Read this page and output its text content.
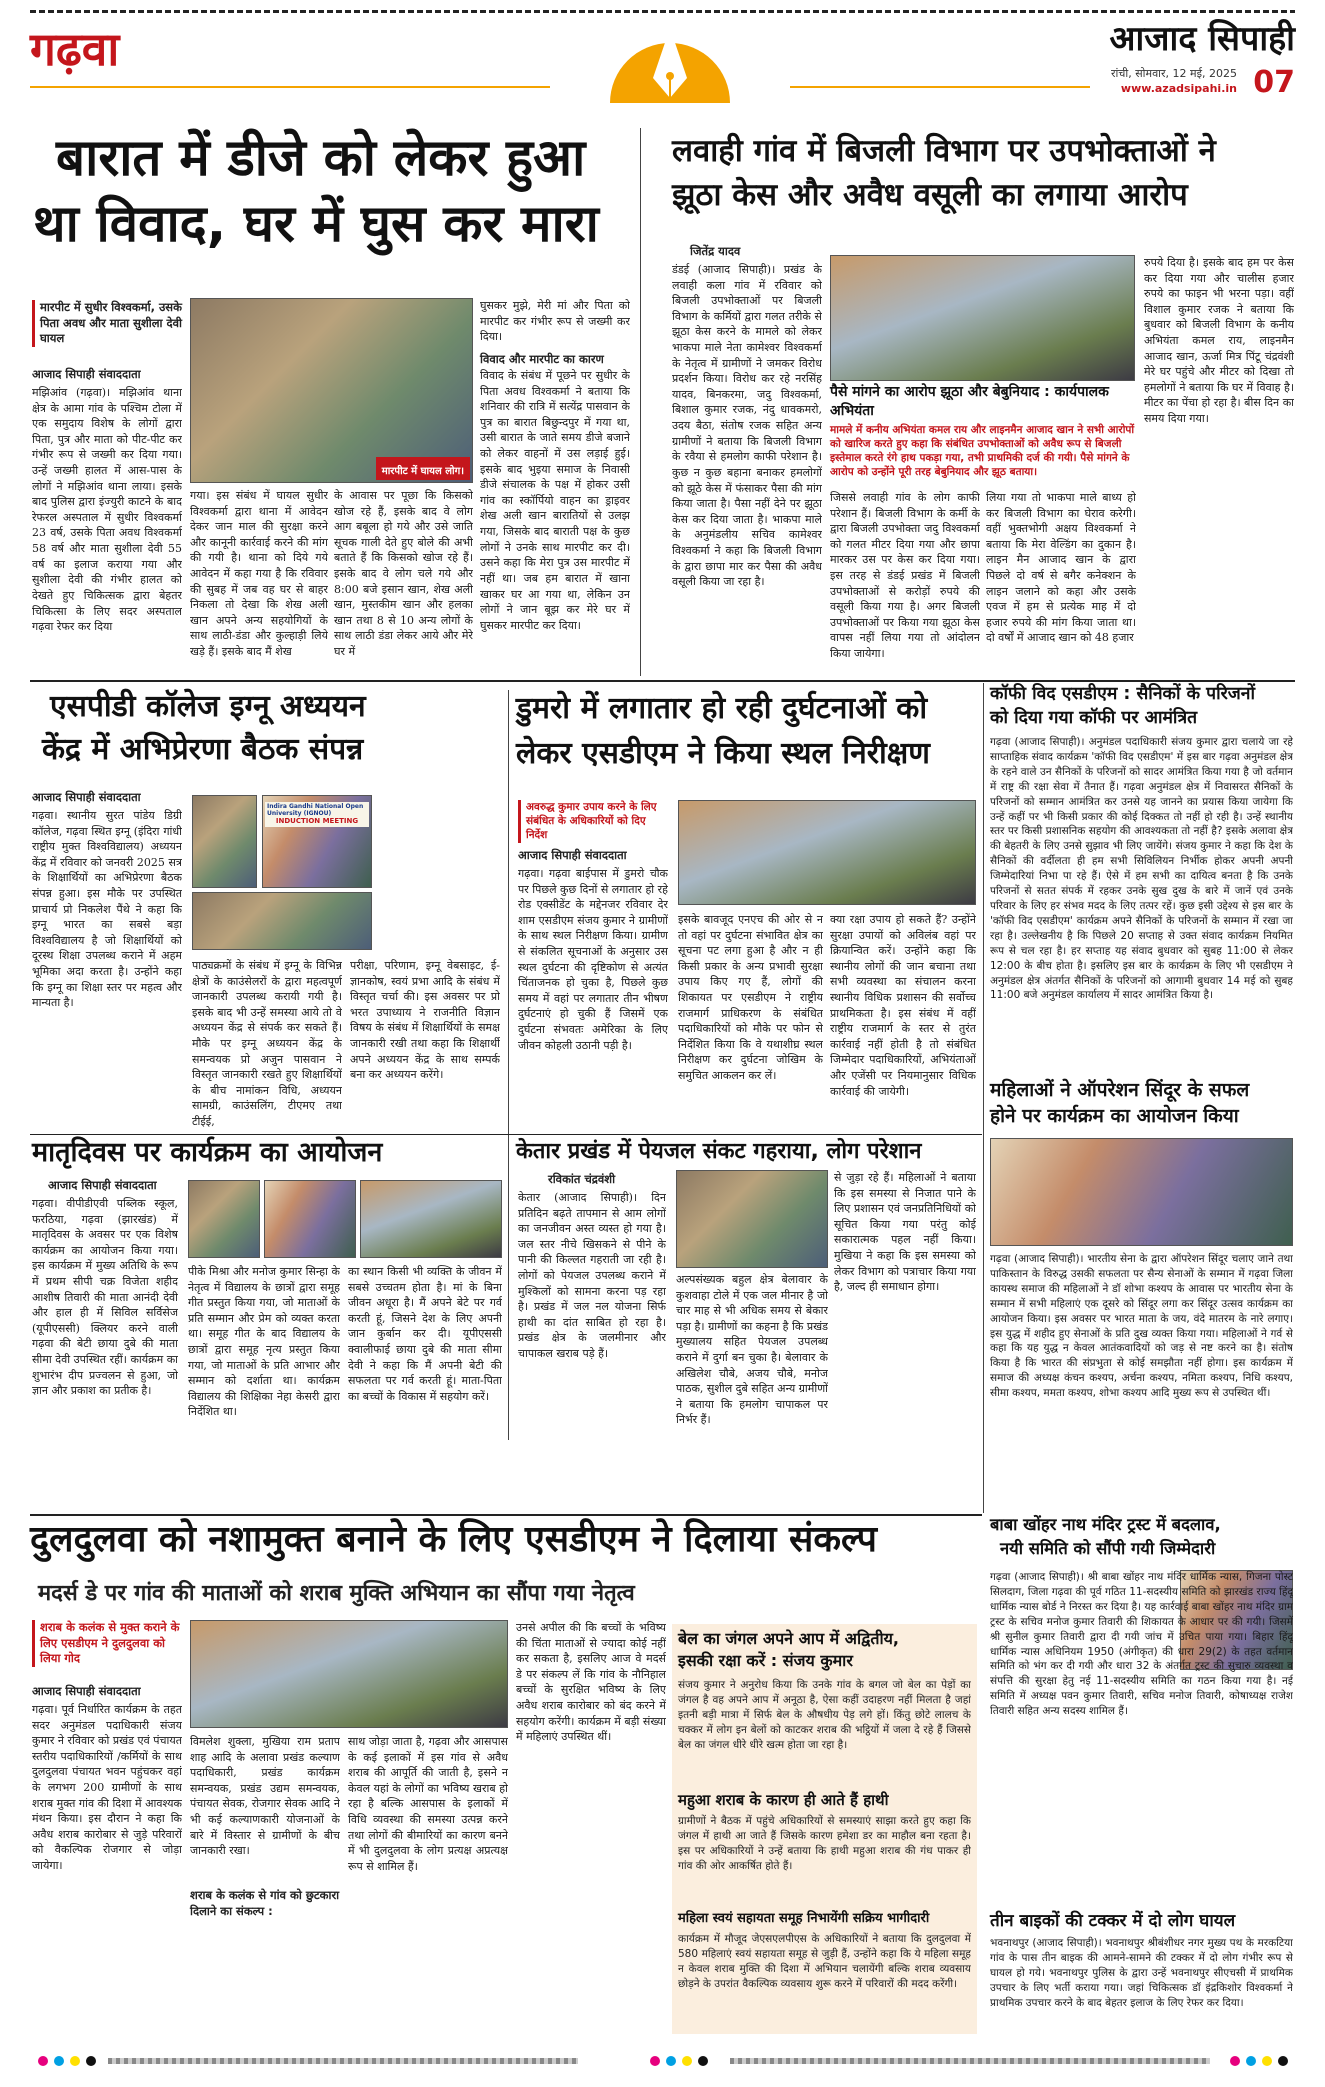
गढ़वा	आजाद सिपाही
रांची, सोमवार, 12 मई, 2025
www.azadsipahi.in 07
बारात में डीजे को लेकर हुआ
था विवाद, घर में घुस कर मारा
मारपीट में सुधीर विश्वकर्मा, उसके पिता अवध और माता सुशीला देवी घायल
आजाद सिपाही संवाददाता
मझिआंव (गढ़वा)। मझिआंव थाना क्षेत्र के आमा गांव के पश्चिम टोला में एक समुदाय विशेष के लोगों द्वारा पिता, पुत्र और माता को पीट-पीट कर गंभीर रूप से जख्मी कर दिया गया। उन्हें जख्मी हालत में आस-पास के लोगों ने मझिआंव थाना लाया। इसके बाद पुलिस द्वारा इंज्युरी काटने के बाद रेफरल अस्पताल में सुधीर विश्वकर्मा 23 वर्ष, उसके पिता अवध विश्वकर्मा 58 वर्ष और माता सुशीला देवी 55 वर्ष का इलाज कराया गया और सुशीला देवी की गंभीर हालत को देखते हुए चिकित्सक द्वारा बेहतर चिकित्सा के लिए सदर अस्पताल गढ़वा रेफर कर दिया
मारपीट में घायल लोग।
गया। इस संबंध में घायल सुधीर विश्वकर्मा द्वारा थाना में आवेदन देकर जान माल की सुरक्षा करने और कानूनी कार्रवाई करने की मांग की गयी है। थाना को दिये गये आवेदन में कहा गया है कि रविवार की सुबह में जब वह घर से बाहर निकला तो देखा कि शेख अली खान अपने अन्य सहयोगियों के साथ लाठी-डंडा और कुल्हाड़ी लिये खड़े हैं। इसके बाद मैं शेख
के आवास पर पूछा कि किसको खोज रहे हैं, इसके बाद वे लोग आग बबूला हो गये और उसे जाति सूचक गाली देते हुए बोले की अभी बताते हैं कि किसको खोज रहे हैं। इसके बाद वे लोग चले गये और 8:00 बजे इसान खान, शेख अली खान, मुस्तकीम खान और हलका खान तथा 8 से 10 अन्य लोगों के साथ लाठी डंडा लेकर आये और मेरे घर में
घुसकर मुझे, मेरी मां और पिता को मारपीट कर गंभीर रूप से जख्मी कर दिया।
विवाद और मारपीट का कारण
विवाद के संबंध में पूछने पर सुधीर के पिता अवध विश्वकर्मा ने बताया कि शनिवार की रात्रि में सत्येंद्र पासवान के पुत्र का बारात बिछुन्दपुर में गया था, उसी बारात के जाते समय डीजे बजाने को लेकर वाहनों में उस लड़ाई हुई। इसके बाद भुइया समाज के निवासी डीजे संचालक के पक्ष में होकर उसी गांव का स्कॉर्पियो वाहन का ड्राइवर शेख अली खान बारातियों से उलझ गया, जिसके बाद बाराती पक्ष के कुछ लोगों ने उनके साथ मारपीट कर दी। उसने कहा कि मेरा पुत्र उस मारपीट में नहीं था। जब हम बारात में खाना खाकर घर आ गया था, लेकिन उन लोगों ने जान बूझ कर मेरे घर में घुसकर मारपीट कर दिया।
लवाही गांव में बिजली विभाग पर उपभोक्ताओं ने
झूठा केस और अवैध वसूली का लगाया आरोप
जितेंद्र यादव
डंडई (आजाद सिपाही)। प्रखंड के लवाही कला गांव में रविवार को बिजली उपभोक्ताओं पर बिजली विभाग के कर्मियों द्वारा गलत तरीके से झूठा केस करने के मामले को लेकर भाकपा माले नेता कामेश्वर विश्वकर्मा के नेतृत्व में ग्रामीणों ने जमकर विरोध प्रदर्शन किया। विरोध कर रहे नरसिंह यादव, बिनकरमा, जदु विश्वकर्मा, बिशाल कुमार रजक, नंदु धावकमरो, उदय बैठा, संतोष रजक सहित अन्य ग्रामीणों ने बताया कि बिजली विभाग के रवैया से हमलोग काफी परेशान है। कुछ न कुछ बहाना बनाकर हमलोगों को झूठे केस में फंसाकर पैसा की मांग किया जाता है। पैसा नहीं देने पर झूठा केस कर दिया जाता है। भाकपा माले के अनुमंडलीय सचिव कामेश्वर विश्वकर्मा ने कहा कि बिजली विभाग के द्वारा छापा मार कर पैसा की अवैध वसूली किया जा रहा है।
पैसे मांगने का आरोप झूठा और बेबुनियाद : कार्यपालक अभियंता
मामले में कनीय अभियंता कमल राय और लाइनमैन आजाद खान ने सभी आरोपों को खारिज करते हुए कहा कि संबंधित उपभोक्ताओं को अवैध रूप से बिजली इस्तेमाल करते रंगे हाथ पकड़ा गया, तभी प्राथमिकी दर्ज की गयी। पैसे मांगने के आरोप को उन्होंने पूरी तरह बेबुनियाद और झूठ बताया।
जिससे लवाही गांव के लोग काफी परेशान हैं। बिजली विभाग के कर्मी के द्वारा बिजली उपभोक्ता जदु विश्वकर्मा को गलत मीटर दिया गया और छापा मारकर उस पर केस कर दिया गया। इस तरह से डंडई प्रखंड में बिजली उपभोक्ताओं से करोड़ों रुपये की वसूली किया गया है। अगर बिजली उपभोक्ताओं पर किया गया झूठा केस वापस नहीं लिया गया तो आंदोलन किया जायेगा।
लिया गया तो भाकपा माले बाध्य हो कर बिजली विभाग का घेराव करेगी। वहीं भुक्तभोगी अक्षय विश्वकर्मा ने बताया कि मेरा वेल्डिंग का दुकान है। लाइन मैन आजाद खान के द्वारा पिछले दो वर्ष से बगैर कनेक्शन के लाइन जलाने को कहा और उसके एवज में हम से प्रत्येक माह में दो हजार रुपये की मांग किया जाता था। दो वर्षों में आजाद खान को 48 हजार
रुपये दिया है। इसके बाद हम पर केस कर दिया गया और चालीस हजार रुपये का फाइन भी भरना पड़ा। वहीं विशाल कुमार रजक ने बताया कि बुधवार को बिजली विभाग के कनीय अभियंता कमल राय, लाइनमैन आजाद खान, ऊर्जा मित्र पिंटू चंद्रवंशी मेरे घर पहुंचे और मीटर को दिखा तो हमलोगों ने बताया कि घर में विवाह है। मीटर का पेंचा हो रहा है। बीस दिन का समय दिया गया।
एसपीडी कॉलेज इग्नू अध्ययन
केंद्र में अभिप्रेरणा बैठक संपन्न
आजाद सिपाही संवाददाता
गढ़वा। स्थानीय सुरत पांडेय डिग्री कॉलेज, गढ़वा स्थित इग्नू (इंदिरा गांधी राष्ट्रीय मुक्त विश्वविद्यालय) अध्ययन केंद्र में रविवार को जनवरी 2025 सत्र के शिक्षार्थियों का अभिप्रेरणा बैठक संपन्न हुआ। इस मौके पर उपस्थित प्राचार्य प्रो निकलेश पैंथे ने कहा कि इग्नू भारत का सबसे बड़ा विश्वविद्यालय है जो शिक्षार्थियों को दूरस्थ शिक्षा उपलब्ध कराने में अहम भूमिका अदा करता है। उन्होंने कहा कि इग्नू का शिक्षा स्तर पर महत्व और मान्यता है।
Indira Gandhi National Open University (IGNOU)
INDUCTION MEETING
पाठ्यक्रमों के संबंध में इग्नू के विभिन्न क्षेत्रों के काउंसेलरों के द्वारा महत्वपूर्ण जानकारी उपलब्ध करायी गयी है। इसके बाद भी उन्हें समस्या आये तो वे अध्ययन केंद्र से संपर्क कर सकते हैं। मौके पर इग्नू अध्ययन केंद्र के समन्वयक प्रो अजुन पासवान ने विस्तृत जानकारी रखते हुए शिक्षार्थियों के बीच नामांकन विधि, अध्ययन सामग्री, काउंसलिंग, टीएमए तथा टीईई,
परीक्षा, परिणाम, इग्नू वेबसाइट, ई-ज्ञानकोष, स्वयं प्रभा आदि के संबंध में विस्तृत चर्चा की। इस अवसर पर प्रो भरत उपाध्याय ने राजनीति विज्ञान विषय के संबंध में शिक्षार्थियों के समक्ष जानकारी रखी तथा कहा कि शिक्षार्थी अपने अध्ययन केंद्र के साथ सम्पर्क बना कर अध्ययन करेंगे।
डुमरो में लगातार हो रही दुर्घटनाओं को
लेकर एसडीएम ने किया स्थल निरीक्षण
अवरुद्ध कुमार उपाय करने के लिए संबंधित के अधिकारियों को दिए निर्देश
आजाद सिपाही संवाददाता
गढ़वा। गढ़वा बाईपास में डुमरो चौक पर पिछले कुछ दिनों से लगातार हो रहे रोड एक्सीडेंट के मद्देनजर रविवार देर शाम एसडीएम संजय कुमार ने ग्रामीणों के साथ स्थल निरीक्षण किया। ग्रामीण से संकलित सूचनाओं के अनुसार उस स्थल दुर्घटना की दृष्टिकोण से अत्यंत चिंताजनक हो चुका है, पिछले कुछ समय में वहां पर लगातार तीन भीषण दुर्घटनाएं हो चुकी हैं जिसमें एक दुर्घटना संभवतः अमेरिका के लिए जीवन कोहली उठानी पड़ी है।
इसके बावजूद एनएच की ओर से न तो वहां पर दुर्घटना संभावित क्षेत्र का सूचना पट लगा हुआ है और न ही किसी प्रकार के अन्य प्रभावी सुरक्षा उपाय किए गए हैं, लोगों की शिकायत पर एसडीएम ने राष्ट्रीय राजमार्ग प्राधिकरण के संबंधित पदाधिकारियों को मौके पर फोन से निर्देशित किया कि वे यथाशीघ्र स्थल निरीक्षण कर दुर्घटना जोखिम के समुचित आकलन कर लें।
क्या रक्षा उपाय हो सकते हैं? उन्होंने सुरक्षा उपायों को अविलंब वहां पर क्रियान्वित करें। उन्होंने कहा कि स्थानीय लोगों की जान बचाना तथा सभी व्यवस्था का संचालन करना स्थानीय विधिक प्रशासन की सर्वोच्च प्राथमिकता है। इस संबंध में वहीं राष्ट्रीय राजमार्ग के स्तर से तुरंत कार्रवाई नहीं होती है तो संबंधित जिम्मेदार पदाधिकारियों, अभियंताओं और एजेंसी पर नियमानुसार विधिक कार्रवाई की जायेगी।
कॉफी विद एसडीएम : सैनिकों के परिजनों
को दिया गया कॉफी पर आमंत्रित
गढ़वा (आजाद सिपाही)। अनुमंडल पदाधिकारी संजय कुमार द्वारा चलाये जा रहे साप्ताहिक संवाद कार्यक्रम 'कॉफी विद एसडीएम' में इस बार गढ़वा अनुमंडल क्षेत्र के रहने वाले उन सैनिकों के परिजनों को सादर आमंत्रित किया गया है जो वर्तमान में राष्ट्र की रक्षा सेवा में तैनात हैं। गढ़वा अनुमंडल क्षेत्र में निवासरत सैनिकों के परिजनों को सम्मान आमंत्रित कर उनसे यह जानने का प्रयास किया जायेगा कि उन्हें कहीं पर भी किसी प्रकार की कोई दिक्कत तो नहीं हो रही है। उन्हें स्थानीय स्तर पर किसी प्रशासनिक सहयोग की आवश्यकता तो नहीं है? इसके अलावा क्षेत्र की बेहतरी के लिए उनसे सुझाव भी लिए जायेंगे। संजय कुमार ने कहा कि देश के सैनिकों की वर्दीलता ही हम सभी सिविलियन निर्भीक होकर अपनी अपनी जिम्मेदारियां निभा पा रहे हैं। ऐसे में हम सभी का दायित्व बनता है कि उनके परिजनों से सतत संपर्क में रहकर उनके सुख दुख के बारे में जानें एवं उनके परिवार के लिए हर संभव मदद के लिए तत्पर रहें। कुछ इसी उद्देश्य से इस बार के 'कॉफी विद एसडीएम' कार्यक्रम अपने सैनिकों के परिजनों के सम्मान में रखा जा रहा है। उल्लेखनीय है कि पिछले 20 सप्ताह से उक्त संवाद कार्यक्रम नियमित रूप से चल रहा है। हर सप्ताह यह संवाद बुधवार को सुबह 11:00 से लेकर 12:00 के बीच होता है। इसलिए इस बार के कार्यक्रम के लिए भी एसडीएम ने अनुमंडल क्षेत्र अंतर्गत सैनिकों के परिजनों को आगामी बुधवार 14 मई को सुबह 11:00 बजे अनुमंडल कार्यालय में सादर आमंत्रित किया है।
महिलाओं ने ऑपरेशन सिंदूर के सफल
होने पर कार्यक्रम का आयोजन किया
गढ़वा (आजाद सिपाही)। भारतीय सेना के द्वारा ऑपरेशन सिंदूर चलाए जाने तथा पाकिस्तान के विरुद्ध उसकी सफलता पर सैन्य सेनाओं के सम्मान में गढ़वा जिला कायस्थ समाज की महिलाओं ने डॉ शोभा कश्यप के आवास पर भारतीय सेना के सम्मान में सभी महिलाएं एक दूसरे को सिंदूर लगा कर सिंदूर उत्सव कार्यक्रम का आयोजन किया। इस अवसर पर भारत माता के जय, वंदे मातरम के नारे लगाए। इस युद्ध में शहीद हुए सेनाओं के प्रति दुख व्यक्त किया गया। महिलाओं ने गर्व से कहा कि यह युद्ध न केवल आतंकवादियों को जड़ से नष्ट करने का है। संतोष किया है कि भारत की संप्रभुता से कोई समझौता नहीं होगा। इस कार्यक्रम में समाज की अध्यक्ष कंचन कश्यप, अर्चना कश्यप, नमिता कश्यप, निधि कश्यप, सीमा कश्यप, ममता कश्यप, शोभा कश्यप आदि मुख्य रूप से उपस्थित थीं।
मातृदिवस पर कार्यक्रम का आयोजन
आजाद सिपाही संवाददाता
गढ़वा। वीपीडीएवी पब्लिक स्कूल, फरठिया, गढ़वा (झारखंड) में मातृदिवस के अवसर पर एक विशेष कार्यक्रम का आयोजन किया गया। इस कार्यक्रम में मुख्य अतिथि के रूप में प्रथम सीपी चक्र विजेता शहीद आशीष तिवारी की माता आनंदी देवी और हाल ही में सिविल सर्विसेज (यूपीएससी) क्लियर करने वाली गढ़वा की बेटी छाया दुबे की माता सीमा देवी उपस्थित रहीं। कार्यक्रम का शुभारंभ दीप प्रज्वलन से हुआ, जो ज्ञान और प्रकाश का प्रतीक है।
पीके मिश्रा और मनोज कुमार सिन्हा के नेतृत्व में विद्यालय के छात्रों द्वारा समूह गीत प्रस्तुत किया गया, जो माताओं के प्रति सम्मान और प्रेम को व्यक्त करता था। समूह गीत के बाद विद्यालय के छात्रों द्वारा समूह नृत्य प्रस्तुत किया गया, जो माताओं के प्रति आभार और सम्मान को दर्शाता था। कार्यक्रम विद्यालय की शिक्षिका नेहा केसरी द्वारा निर्देशित था।
का स्थान किसी भी व्यक्ति के जीवन में सबसे उच्चतम होता है। मां के बिना जीवन अधूरा है। मैं अपने बेटे पर गर्व करती हूं, जिसने देश के लिए अपनी जान कुर्बान कर दी। यूपीएससी क्वालीफाई छाया दुबे की माता सीमा देवी ने कहा कि मैं अपनी बेटी की सफलता पर गर्व करती हूं। माता-पिता का बच्चों के विकास में सहयोग करें।
केतार प्रखंड में पेयजल संकट गहराया, लोग परेशान
रविकांत चंद्रवंशी
केतार (आजाद सिपाही)। दिन प्रतिदिन बढ़ते तापमान से आम लोगों का जनजीवन अस्त व्यस्त हो गया है। जल स्तर नीचे खिसकने से पीने के पानी की किल्लत गहराती जा रही है। लोगों को पेयजल उपलब्ध कराने में मुश्किलों को सामना करना पड़ रहा है। प्रखंड में जल नल योजना सिर्फ हाथी का दांत साबित हो रहा है। प्रखंड क्षेत्र के जलमीनार और चापाकल खराब पड़े हैं।
अल्पसंख्यक बहुल क्षेत्र बेलावार के कुशवाहा टोले में एक जल मीनार है जो चार माह से भी अधिक समय से बेकार पड़ा है। ग्रामीणों का कहना है कि प्रखंड मुख्यालय सहित पेयजल उपलब्ध कराने में दुर्गा बन चुका है। बेलावार के अखिलेश चौबे, अजय चौबे, मनोज पाठक, सुशील दुबे सहित अन्य ग्रामीणों ने बताया कि हमलोग चापाकल पर निर्भर हैं।
से जुड़ा रहे हैं। महिलाओं ने बताया कि इस समस्या से निजात पाने के लिए प्रशासन एवं जनप्रतिनिधियों को सूचित किया गया परंतु कोई सकारात्मक पहल नहीं किया। मुखिया ने कहा कि इस समस्या को लेकर विभाग को पत्राचार किया गया है, जल्द ही समाधान होगा।
दुलदुलवा को नशामुक्त बनाने के लिए एसडीएम ने दिलाया संकल्प
मदर्स डे पर गांव की माताओं को शराब मुक्ति अभियान का सौंपा गया नेतृत्व
शराब के कलंक से मुक्त कराने के लिए एसडीएम ने दुलदुलवा को लिया गोद
आजाद सिपाही संवाददाता
गढ़वा। पूर्व निर्धारित कार्यक्रम के तहत सदर अनुमंडल पदाधिकारी संजय कुमार ने रविवार को प्रखंड एवं पंचायत स्तरीय पदाधिकारियों /कर्मियों के साथ दुलदुलवा पंचायत भवन पहुंचकर वहां के लगभग 200 ग्रामीणों के साथ शराब मुक्त गांव की दिशा में आवश्यक मंथन किया। इस दौरान ने कहा कि अवैध शराब कारोबार से जुड़े परिवारों को वैकल्पिक रोजगार से जोड़ा जायेगा।
विमलेश शुक्ला, मुखिया राम प्रताप शाह आदि के अलावा प्रखंड कल्याण पदाधिकारी, प्रखंड कार्यक्रम समन्वयक, प्रखंड उद्यम समन्वयक, पंचायत सेवक, रोजगार सेवक आदि ने भी कई कल्याणकारी योजनाओं के बारे में विस्तार से ग्रामीणों के बीच जानकारी रखा।
शराब के कलंक से गांव को छुटकारा दिलाने का संकल्प :
साथ जोड़ा जाता है, गढ़वा और आसपास के कई इलाकों में इस गांव से अवैध शराब की आपूर्ति की जाती है, इसने न केवल यहां के लोगों का भविष्य खराब हो रहा है बल्कि आसपास के इलाकों में विधि व्यवस्था की समस्या उत्पन्न करने तथा लोगों की बीमारियों का कारण बनने में भी दुलदुलवा के लोग प्रत्यक्ष अप्रत्यक्ष रूप से शामिल हैं।
उनसे अपील की कि बच्चों के भविष्य की चिंता माताओं से ज्यादा कोई नहीं कर सकता है, इसलिए आज वे मदर्स डे पर संकल्प लें कि गांव के नौनिहाल बच्चों के सुरक्षित भविष्य के लिए अवैध शराब कारोबार को बंद करने में सहयोग करेंगी। कार्यक्रम में बड़ी संख्या में महिलाएं उपस्थित थीं।
बेल का जंगल अपने आप में अद्वितीय,
इसकी रक्षा करें : संजय कुमार
संजय कुमार ने अनुरोध किया कि उनके गांव के बगल जो बेल का पेड़ों का जंगल है वह अपने आप में अनूठा है, ऐसा कहीं उदाहरण नहीं मिलता है जहां इतनी बड़ी मात्रा में सिर्फ बेल के औषधीय पेड़ लगे हों। किंतु छोटे लालच के चक्कर में लोग इन बेलों को काटकर शराब की भट्ठियों में जला दे रहे हैं जिससे बेल का जंगल धीरे धीरे खत्म होता जा रहा है।
महुआ शराब के कारण ही आते हैं हाथी
ग्रामीणों ने बैठक में पहुंचे अधिकारियों से समस्याएं साझा करते हुए कहा कि जंगल में हाथी आ जाते हैं जिसके कारण हमेशा डर का माहौल बना रहता है। इस पर अधिकारियों ने उन्हें बताया कि हाथी महुआ शराब की गंध पाकर ही गांव की ओर आकर्षित होते हैं।
महिला स्वयं सहायता समूह निभायेंगी सक्रिय भागीदारी
कार्यक्रम में मौजूद जेएसएलपीएस के अधिकारियों ने बताया कि दुलदुलवा में 580 महिलाएं स्वयं सहायता समूह से जुड़ी हैं, उन्होंने कहा कि ये महिला समूह न केवल शराब मुक्ति की दिशा में अभियान चलायेंगी बल्कि शराब व्यवसाय छोड़ने के उपरांत वैकल्पिक व्यवसाय शुरू करने में परिवारों की मदद करेंगी।
बाबा खोंहर नाथ मंदिर ट्रस्ट में बदलाव,
नयी समिति को सौंपी गयी जिम्मेदारी
गढ़वा (आजाद सिपाही)। श्री बाबा खोंहर नाथ मंदिर धार्मिक न्यास, गिजना पोस्ट सिलदाग, जिला गढ़वा की पूर्व गठित 11-सदस्यीय समिति को झारखंड राज्य हिंदू धार्मिक न्यास बोर्ड ने निरस्त कर दिया है। यह कार्रवाई बाबा खोंहर नाथ मंदिर ग्राम ट्रस्ट के सचिव मनोज कुमार तिवारी की शिकायत के आधार पर की गयी। जिसमें श्री सुनील कुमार तिवारी द्वारा दी गयी जांच में उचित पाया गया। बिहार हिंदू धार्मिक न्यास अधिनियम 1950 (अंगीकृत) की धारा 29(2) के तहत वर्तमान समिति को भंग कर दी गयी और धारा 32 के अंतर्गत ट्रस्ट की सुचारु व्यवस्था व संपत्ति की सुरक्षा हेतु नई 11-सदस्यीय समिति का गठन किया गया है। नई समिति में अध्यक्ष पवन कुमार तिवारी, सचिव मनोज तिवारी, कोषाध्यक्ष राजेश तिवारी सहित अन्य सदस्य शामिल हैं।
तीन बाइकों की टक्कर में दो लोग घायल
भवनाथपुर (आजाद सिपाही)। भवनाथपुर श्रीबंशीधर नगर मुख्य पथ के मरकटिया गांव के पास तीन बाइक की आमने-सामने की टक्कर में दो लोग गंभीर रूप से घायल हो गये। भवनाथपुर पुलिस के द्वारा उन्हें भवनाथपुर सीएचसी में प्राथमिक उपचार के लिए भर्ती कराया गया। जहां चिकित्सक डॉ इंद्रकिशोर विश्वकर्मा ने प्राथमिक उपचार करने के बाद बेहतर इलाज के लिए रेफर कर दिया।
